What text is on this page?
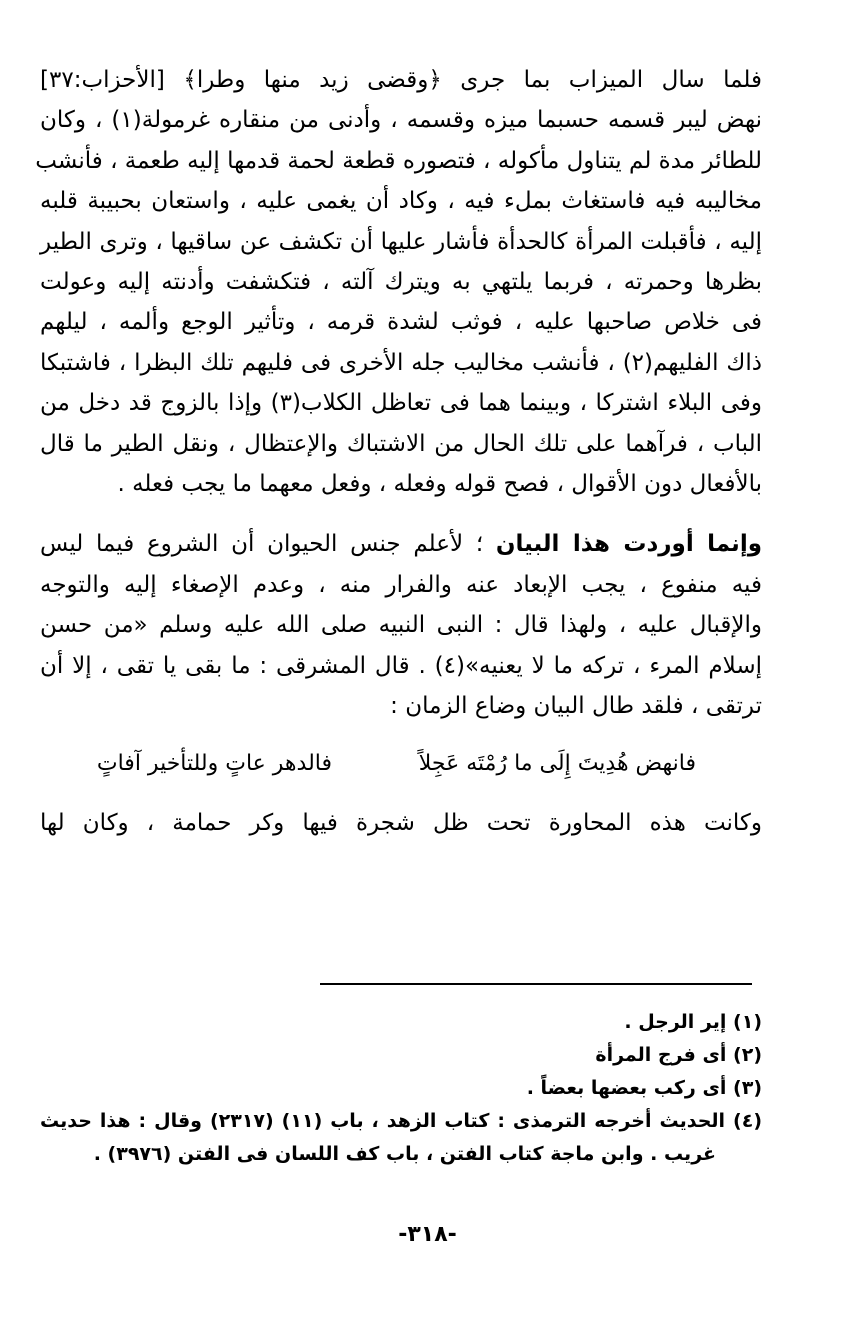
فلما سال الميزاب بما جرى ﴿وقضى زيد منها وطرا﴾ [الأحزاب:٣٧]
نهض ليبر قسمه حسبما ميزه وقسمه ، وأدنى من منقاره غرمولة(١) ، وكان
للطائر مدة لم يتناول مأكوله ، فتصوره قطعة لحمة قدمها إليه طعمة ، فأنشب
مخاليبه فيه فاستغاث بملء فيه ، وكاد أن يغمى عليه ، واستعان بحبيبة قلبه
إليه ، فأقبلت المرأة كالحدأة فأشار عليها أن تكشف عن ساقيها ، وترى الطير
بظرها وحمرته ، فربما يلتهي به ويترك آلته ، فتكشفت وأدنته إليه وعولت
فى خلاص صاحبها عليه ، فوثب لشدة قرمه ، وتأثير الوجع وألمه ، ليلهم
ذاك الفليهم(٢) ، فأنشب مخاليب جله الأخرى فى فليهم تلك البظرا ، فاشتبكا
وفى البلاء اشتركا ، وبينما هما فى تعاظل الكلاب(٣) وإذا بالزوج قد دخل من
الباب ، فرآهما على تلك الحال من الاشتباك والإعتظال ، ونقل الطير ما قال
بالأفعال دون الأقوال ، فصح قوله وفعله ، وفعل معهما ما يجب فعله .
وإنما أوردت هذا البيان ؛ لأعلم جنس الحيوان أن الشروع فيما ليس
فيه منفوع ، يجب الإبعاد عنه والفرار منه ، وعدم الإصغاء إليه والتوجه
والإقبال عليه ، ولهذا قال : النبى النبيه صلى الله عليه وسلم «من حسن
إسلام المرء ، تركه ما لا يعنيه»(٤) . قال المشرقى : ما بقى يا تقى ، إلا أن
ترتقى ، فلقد طال البيان وضاع الزمان :
فانهض هُدِيتَ إِلَى ما رُمْتَه عَجِلاً
فالدهر عاتٍ وللتأخير آفاتٍ
وكانت هذه المحاورة تحت ظل شجرة فيها وكر حمامة ، وكان لها
(١) إير الرجل .
(٢) أى فرج المرأة
(٣) أى ركب بعضها بعضاً .
(٤) الحديث أخرجه الترمذى : كتاب الزهد ، باب (١١) (٢٣١٧) وقال : هذا حديث
غريب . وابن ماجة كتاب الفتن ، باب كف اللسان فى الفتن (٣٩٧٦) .
-٣١٨-
